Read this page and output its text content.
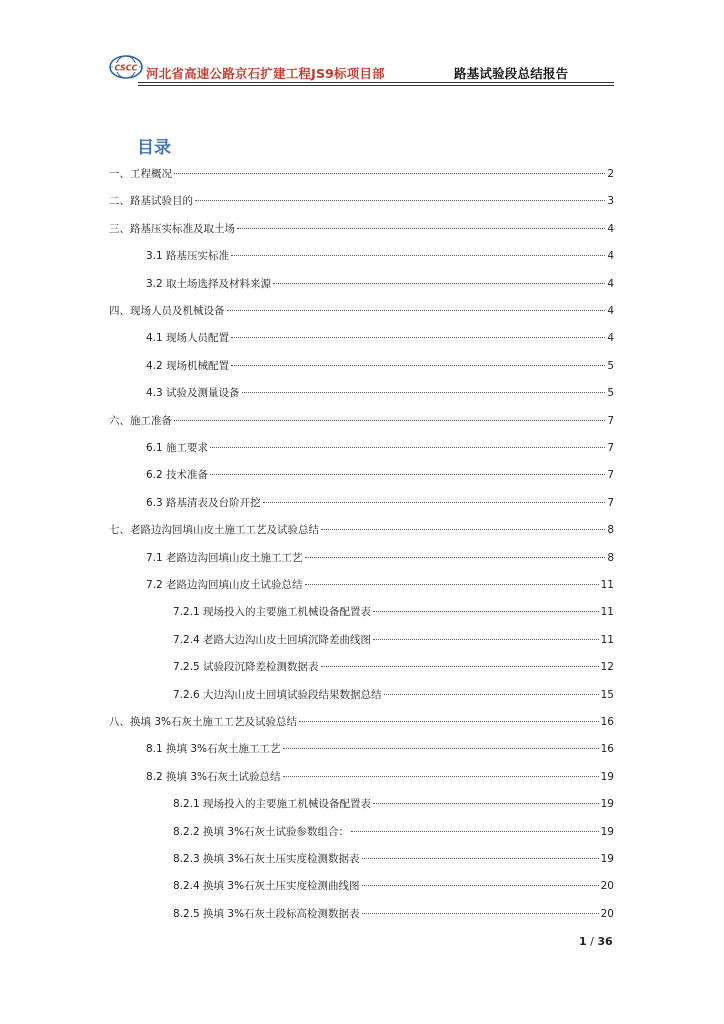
CSCC 河北省高速公路京石扩建工程JS9标项目部	路基试验段总结报告
目录
一、工程概况	2
二、路基试验目的	3
三、路基压实标准及取土场	4
3.1 路基压实标准	4
3.2 取土场选择及材料来源	4
四、现场人员及机械设备	4
4.1 现场人员配置	4
4.2 现场机械配置	5
4.3 试验及测量设备	5
六、施工准备	7
6.1 施工要求	7
6.2 技术准备	7
6.3 路基清表及台阶开挖	7
七、老路边沟回填山皮土施工工艺及试验总结	8
7.1 老路边沟回填山皮土施工工艺	8
7.2 老路边沟回填山皮土试验总结	11
7.2.1 现场投入的主要施工机械设备配置表	11
7.2.4 老路大边沟山皮土回填沉降差曲线图	11
7.2.5 试验段沉降差检测数据表	12
7.2.6 大边沟山皮土回填试验段结果数据总结	15
八、换填 3%石灰土施工工艺及试验总结	16
8.1 换填 3%石灰土施工工艺	16
8.2 换填 3%石灰土试验总结	19
8.2.1 现场投入的主要施工机械设备配置表	19
8.2.2 换填 3%石灰土试验参数组合：	19
8.2.3 换填 3%石灰土压实度检测数据表	19
8.2.4 换填 3%石灰土压实度检测曲线图	20
8.2.5 换填 3%石灰土段标高检测数据表	20
1 / 36
